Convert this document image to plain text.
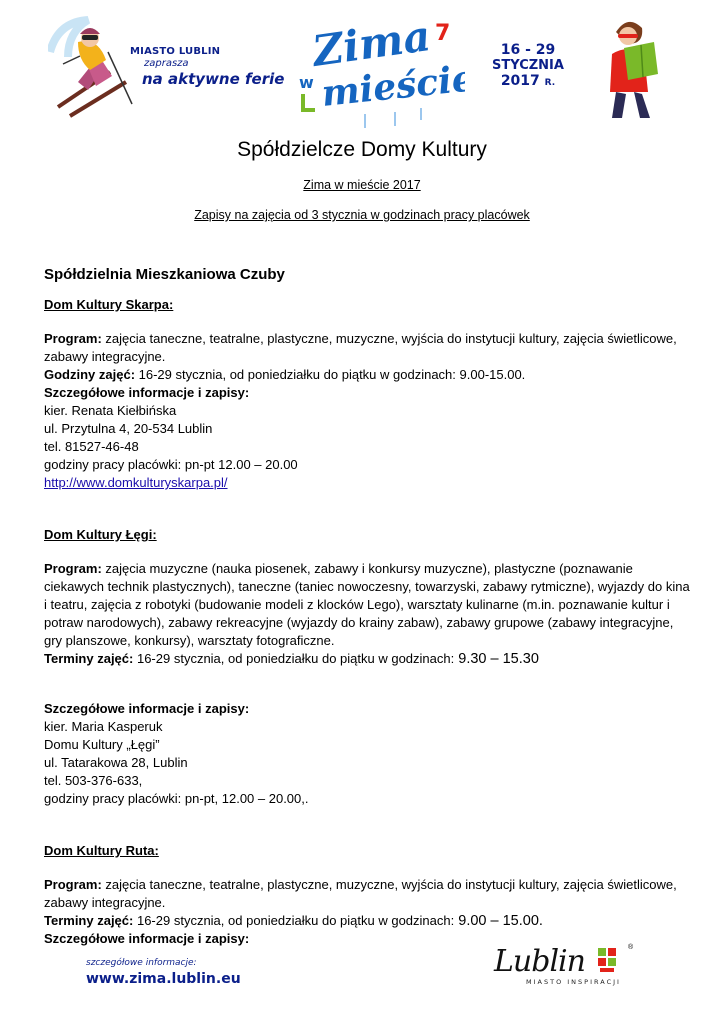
MIASTO LUBLIN
zaprasza
na aktywne ferie
Zima
w mieście
7
16 - 29
STYCZNIA
2017 R.
Spółdzielcze Domy Kultury
Zima w mieście 2017
Zapisy na zajęcia od 3 stycznia w godzinach pracy placówek
Spółdzielnia Mieszkaniowa Czuby

Dom Kultury Skarpa:

Program: zajęcia taneczne, teatralne, plastyczne, muzyczne, wyjścia do instytucji kultury, zajęcia świetlicowe, zabawy integracyjne.

Godziny zajęć: 16-29 stycznia, od poniedziałku do piątku w godzinach: 9.00-15.00.

Szczegółowe informacje i zapisy:

kier. Renata Kiełbińska

ul. Przytulna 4, 20-534 Lublin

tel. 81527-46-48

godziny pracy placówki: pn-pt 12.00 – 20.00

http://www.domkulturyskarpa.pl/

Dom Kultury Łęgi:

Program: zajęcia muzyczne (nauka piosenek, zabawy i konkursy muzyczne), plastyczne (poznawanie ciekawych technik plastycznych), taneczne (taniec nowoczesny, towarzyski, zabawy rytmiczne), wyjazdy do kina i teatru, zajęcia z robotyki (budowanie modeli z klocków Lego), warsztaty kulinarne (m.in. poznawanie kultur i potraw narodowych), zabawy rekreacyjne (wyjazdy do krainy zabaw), zabawy grupowe (zabawy integracyjne, gry planszowe, konkursy), warsztaty fotograficzne.

Terminy zajęć: 16-29 stycznia, od poniedziałku do piątku w godzinach: 9.30 – 15.30

Szczegółowe informacje i zapisy:

kier. Maria Kasperuk

Domu Kultury „Łęgi”

ul. Tatarakowa 28, Lublin

tel. 503-376-633,

godziny pracy placówki: pn-pt, 12.00 – 20.00,.

Dom Kultury Ruta:

Program: zajęcia taneczne, teatralne, plastyczne, muzyczne, wyjścia do instytucji kultury, zajęcia świetlicowe, zabawy integracyjne.

Terminy zajęć: 16-29 stycznia, od poniedziałku do piątku w godzinach: 9.00 – 15.00.

Szczegółowe informacje i zapisy:

szczegółowe informacje:
www.zima.lublin.eu	Lublin	®
MIASTO INSPIRACJI
